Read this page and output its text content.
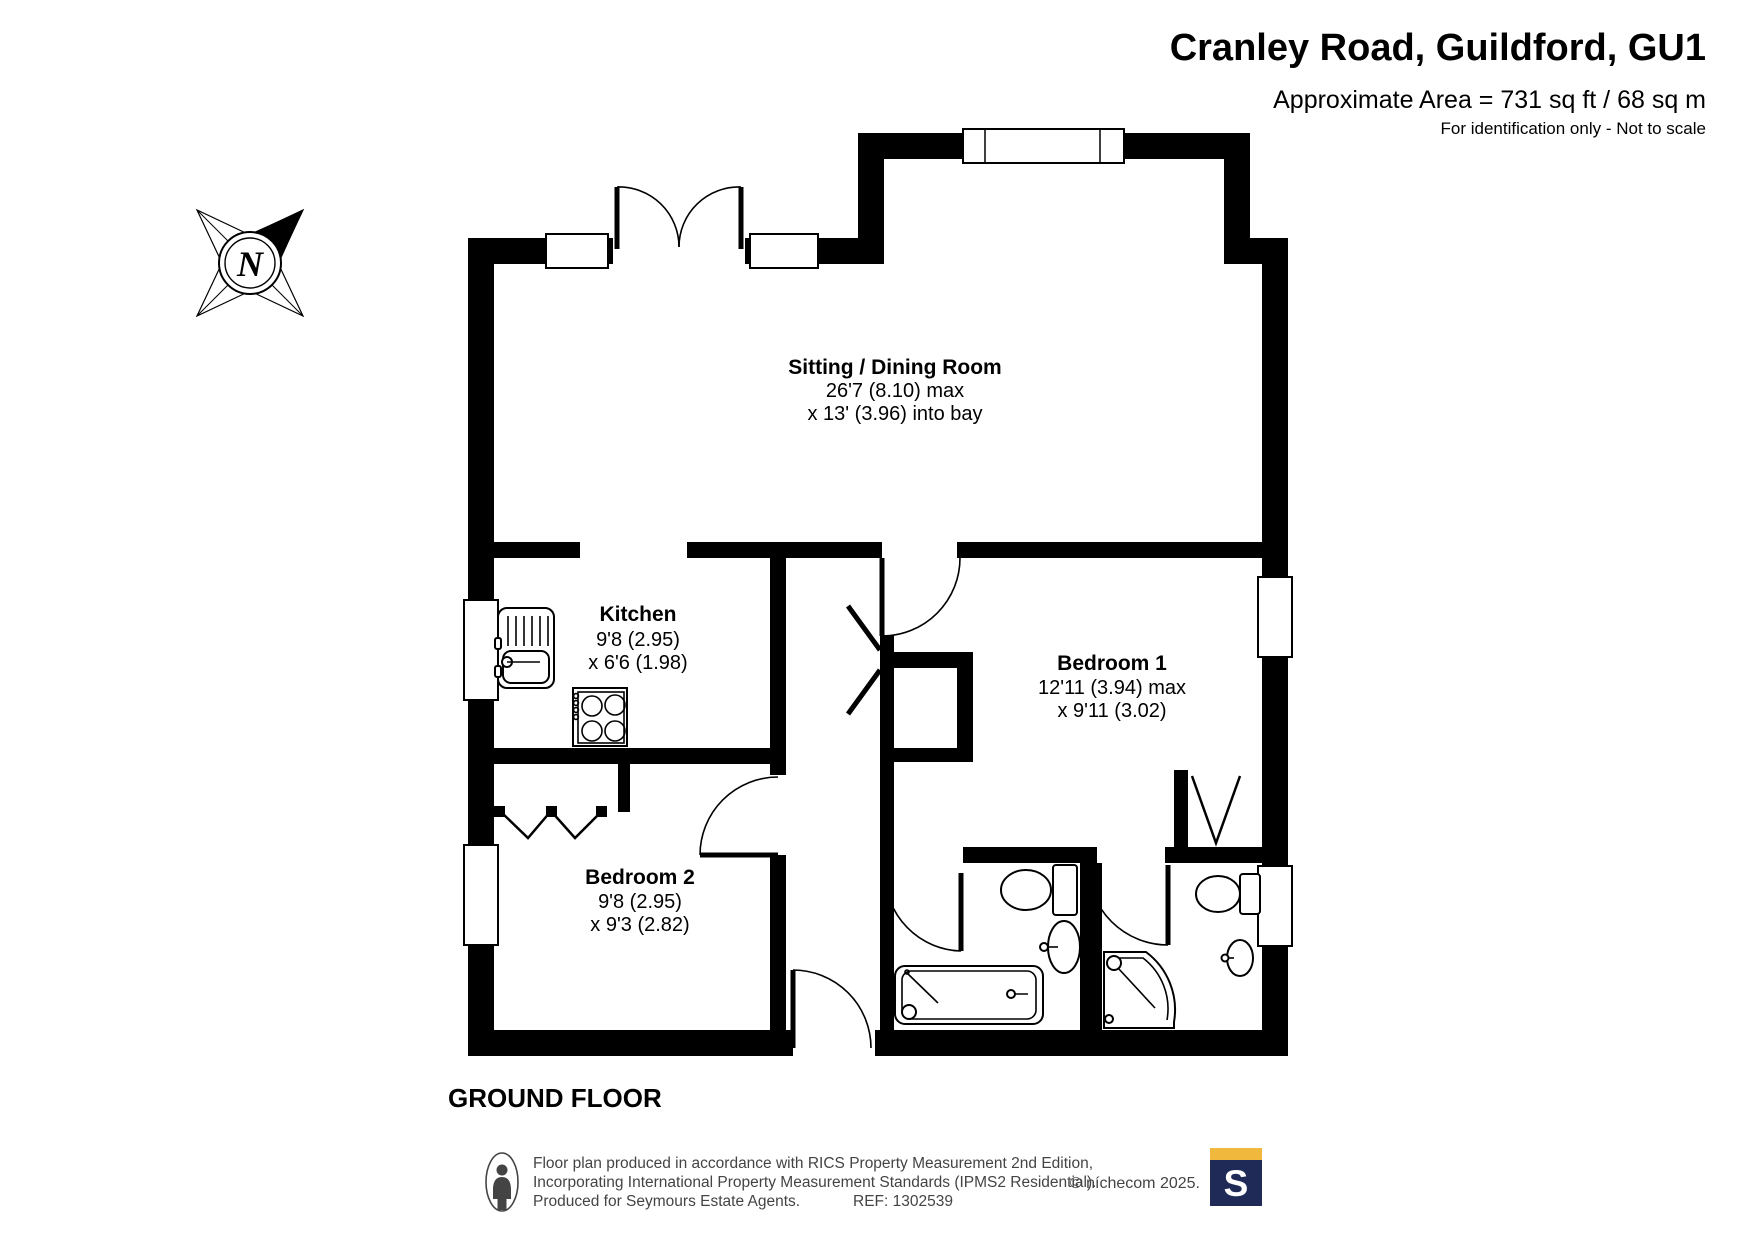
Cranley Road, Guildford, GU1
Approximate Area = 731 sq ft / 68 sq m
For identification only - Not to scale
N
Sitting / Dining Room
26'7 (8.10) max
x 13' (3.96) into bay
Kitchen
9'8 (2.95)
x 6'6 (1.98)	Bedroom 1
12'11 (3.94) max
x 9'11 (3.02)
Bedroom 2
9'8 (2.95)
x 9'3 (2.82)
GROUND FLOOR
Floor plan produced in accordance with RICS Property Measurement 2nd Edition,
Incorporating International Property Measurement Standards (IPMS2 Residential).
Produced for Seymours Estate Agents.	REF: 1302539
© níchecom 2025. S
